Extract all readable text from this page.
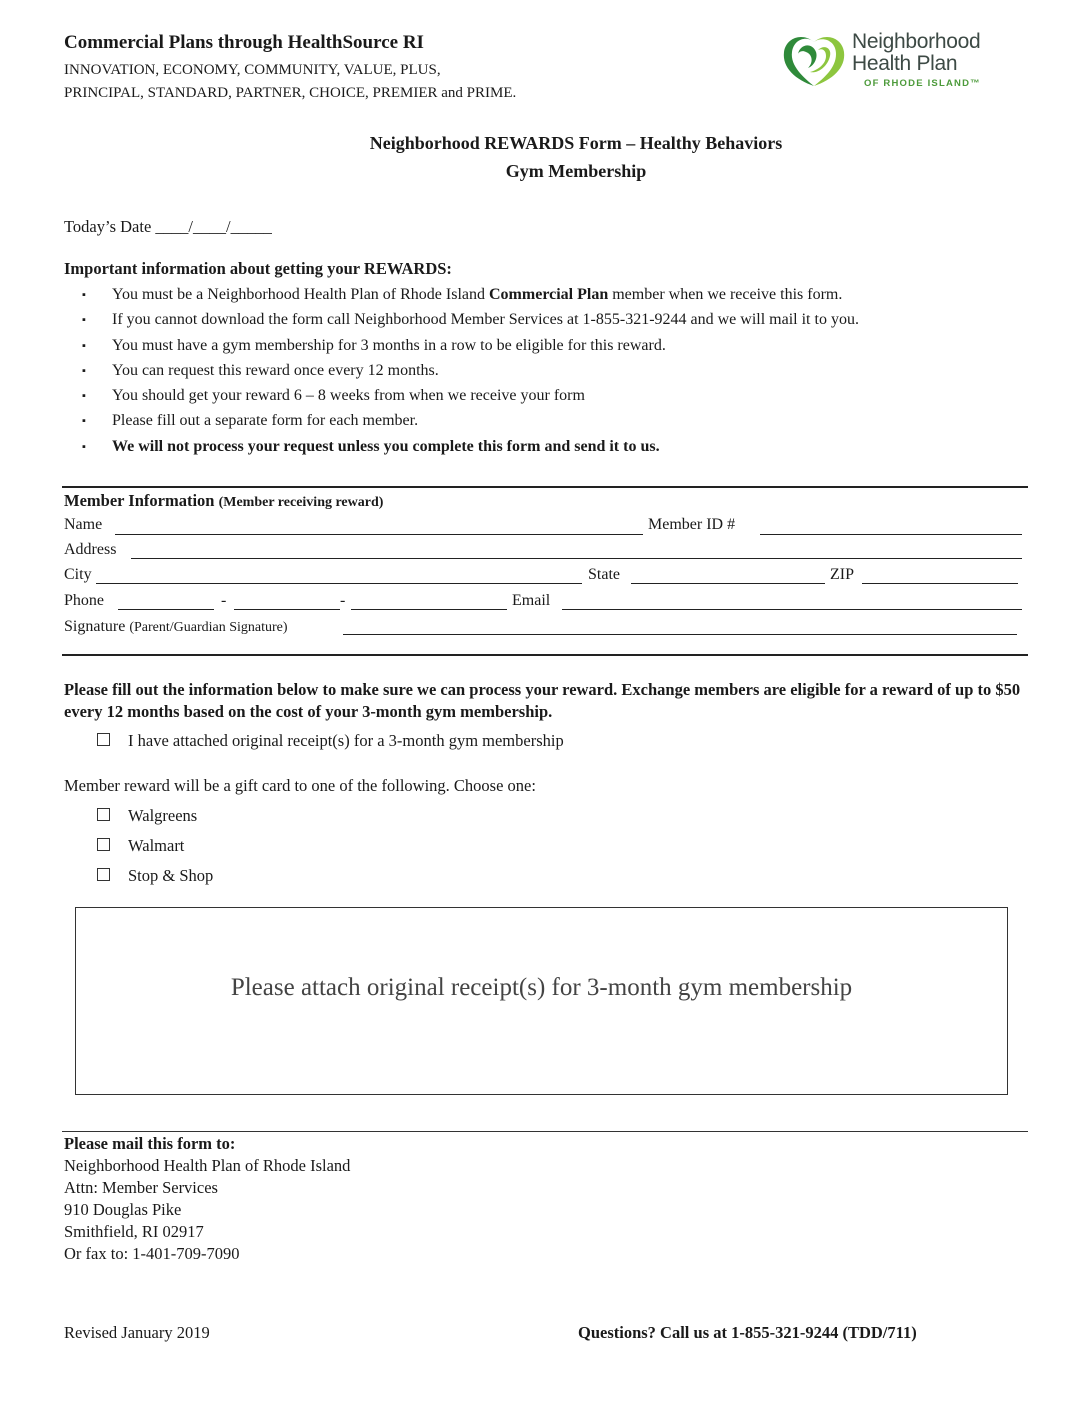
Commercial Plans through HealthSource RI
INNOVATION, ECONOMY, COMMUNITY, VALUE, PLUS,
PRINCIPAL, STANDARD, PARTNER, CHOICE, PREMIER and PRIME.
Neighborhood
Health Plan
OF RHODE ISLAND™
Neighborhood REWARDS Form – Healthy Behaviors
Gym Membership
Today’s Date ____/____/_____
Important information about getting your REWARDS:
▪ You must be a Neighborhood Health Plan of Rhode Island Commercial Plan member when we receive this form.
▪ If you cannot download the form call Neighborhood Member Services at 1-855-321-9244 and we will mail it to you.
▪ You must have a gym membership for 3 months in a row to be eligible for this reward.
▪ You can request this reward once every 12 months.
▪ You should get your reward 6 – 8 weeks from when we receive your form
▪ Please fill out a separate form for each member.
▪ We will not process your request unless you complete this form and send it to us.
Member Information (Member receiving reward)
Name	Member ID #
Address
City	State	ZIP
Phone	-	-	Email
Signature (Parent/Guardian Signature)
Please fill out the information below to make sure we can process your reward. Exchange members are eligible for a reward of up to $50 every 12 months based on the cost of your 3-month gym membership.
I have attached original receipt(s) for a 3-month gym membership
Member reward will be a gift card to one of the following. Choose one:
Walgreens
Walmart
Stop & Shop
Please attach original receipt(s) for 3-month gym membership
Please mail this form to:
Neighborhood Health Plan of Rhode Island
Attn: Member Services
910 Douglas Pike
Smithfield, RI 02917
Or fax to: 1-401-709-7090
Revised January 2019	Questions? Call us at 1-855-321-9244 (TDD/711)
